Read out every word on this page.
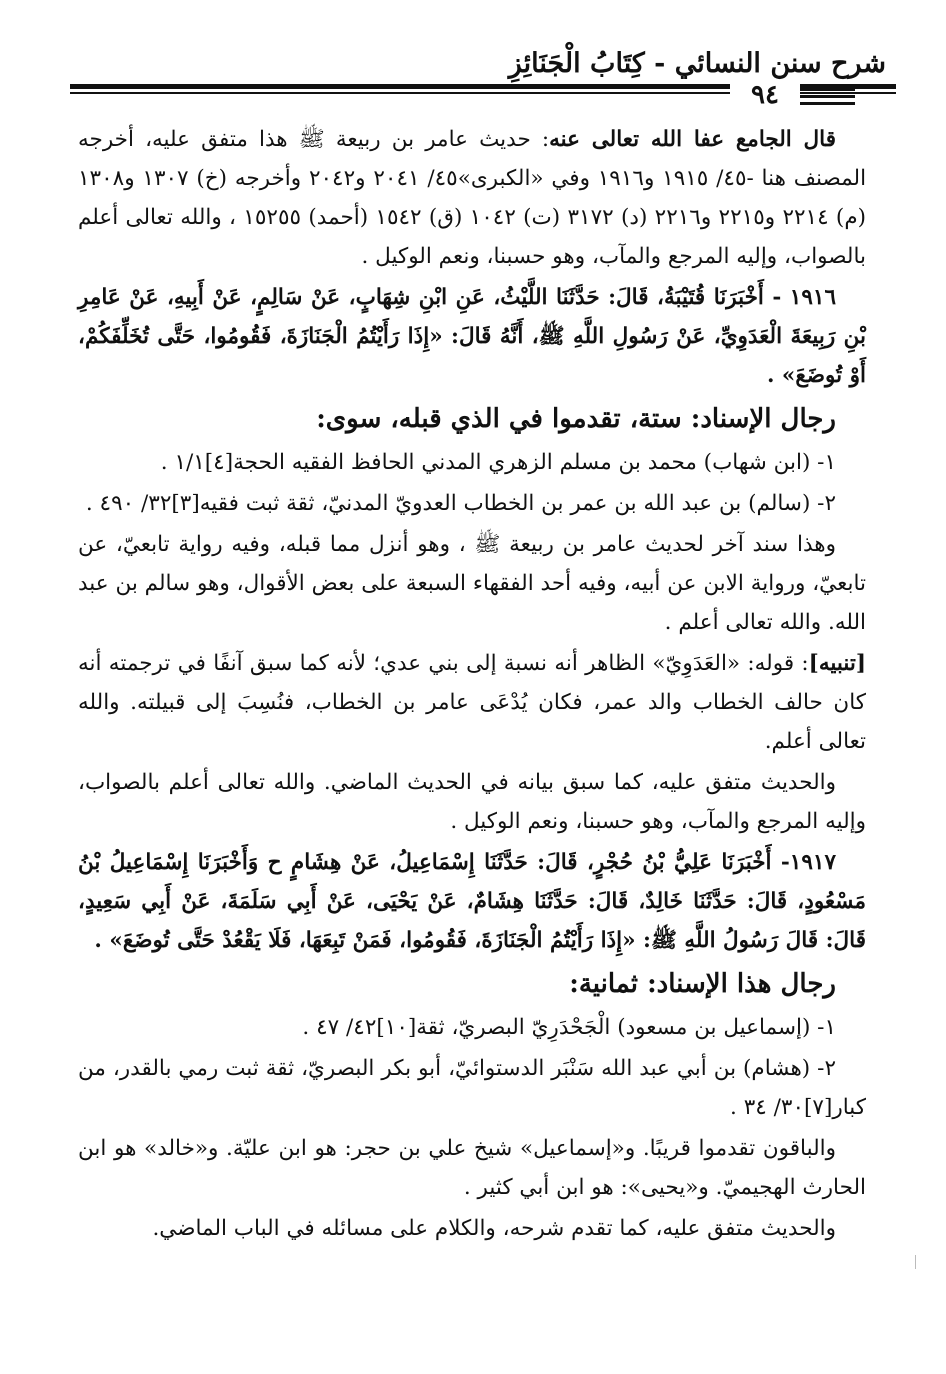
شرح سنن النسائي - كِتَابُ الْجَنَائِزِ
٩٤

قال الجامع عفا الله تعالى عنه: حديث عامر بن ربيعة ﷺ هذا متفق عليه، أخرجه المصنف هنا -٤٥/ ١٩١٥ و١٩١٦ وفي «الكبرى»٤٥/ ٢٠٤١ و٢٠٤٢ وأخرجه (خ) ١٣٠٧ و١٣٠٨ (م) ٢٢١٤ و٢٢١٥ و٢٢١٦ (د) ٣١٧٢ (ت) ١٠٤٢ (ق) ١٥٤٢ (أحمد) ١٥٢٥٥ ، والله تعالى أعلم بالصواب، وإليه المرجع والمآب، وهو حسبنا، ونعم الوكيل .

١٩١٦ - أَخْبَرَنَا قُتَيْبَةُ، قَالَ: حَدَّثَنَا اللَّيْثُ، عَنِ ابْنِ شِهَابٍ، عَنْ سَالِمٍ، عَنْ أَبِيهِ، عَنْ عَامِرِ بْنِ رَبِيعَةَ الْعَدَوِيِّ، عَنْ رَسُولِ اللَّهِ ﷺ، أَنَّهُ قَالَ: «إِذَا رَأَيْتُمُ الْجَنَازَةَ، فَقُومُوا، حَتَّى تُخَلِّفَكُمْ، أَوْ تُوضَعَ» .

رجال الإسناد: ستة، تقدموا في الذي قبله، سوى:

١- (ابن شهاب) محمد بن مسلم الزهري المدني الحافظ الفقيه الحجة[٤]١/١ .

٢- (سالم) بن عبد الله بن عمر بن الخطاب العدويّ المدنيّ، ثقة ثبت فقيه[٣]٣٢/ ٤٩٠ .

وهذا سند آخر لحديث عامر بن ربيعة ﷺ ، وهو أنزل مما قبله، وفيه رواية تابعيّ، عن تابعيّ، ورواية الابن عن أبيه، وفيه أحد الفقهاء السبعة على بعض الأقوال، وهو سالم بن عبد الله. والله تعالى أعلم .

[تنبيه]: قوله: «العَدَوِيّ» الظاهر أنه نسبة إلى بني عدي؛ لأنه كما سبق آنفًا في ترجمته أنه كان حالف الخطاب والد عمر، فكان يُدْعَى عامر بن الخطاب، فنُسِبَ إلى قبيلته. والله تعالى أعلم.

والحديث متفق عليه، كما سبق بيانه في الحديث الماضي. والله تعالى أعلم بالصواب، وإليه المرجع والمآب، وهو حسبنا، ونعم الوكيل .

١٩١٧- أَخْبَرَنَا عَلِيُّ بْنُ حُجْرٍ، قَالَ: حَدَّثَنَا إِسْمَاعِيلُ، عَنْ هِشَامٍ ح وَأَخْبَرَنَا إِسْمَاعِيلُ بْنُ مَسْعُودٍ، قَالَ: حَدَّثَنَا خَالِدٌ، قَالَ: حَدَّثَنَا هِشَامٌ، عَنْ يَحْيَى، عَنْ أَبِي سَلَمَةَ، عَنْ أَبِي سَعِيدٍ، قَالَ: قَالَ رَسُولُ اللَّهِ ﷺ: «إِذَا رَأَيْتُمُ الْجَنَازَةَ، فَقُومُوا، فَمَنْ تَبِعَهَا، فَلَا يَقْعُدْ حَتَّى تُوضَعَ» .

رجال هذا الإسناد: ثمانية:

١- (إسماعيل بن مسعود) الْجَحْدَرِيّ البصريّ، ثقة[١٠]٤٢/ ٤٧ .

٢- (هشام) بن أبي عبد الله سَنْبَر الدستوائيّ، أبو بكر البصريّ، ثقة ثبت رمي بالقدر، من كبار[٧]٣٠/ ٣٤ .

والباقون تقدموا قريبًا. و«إسماعيل» شيخ علي بن حجر: هو ابن عليّة. و«خالد» هو ابن الحارث الهجيميّ. و«يحيى»: هو ابن أبي كثير .

والحديث متفق عليه، كما تقدم شرحه، والكلام على مسائله في الباب الماضي.
